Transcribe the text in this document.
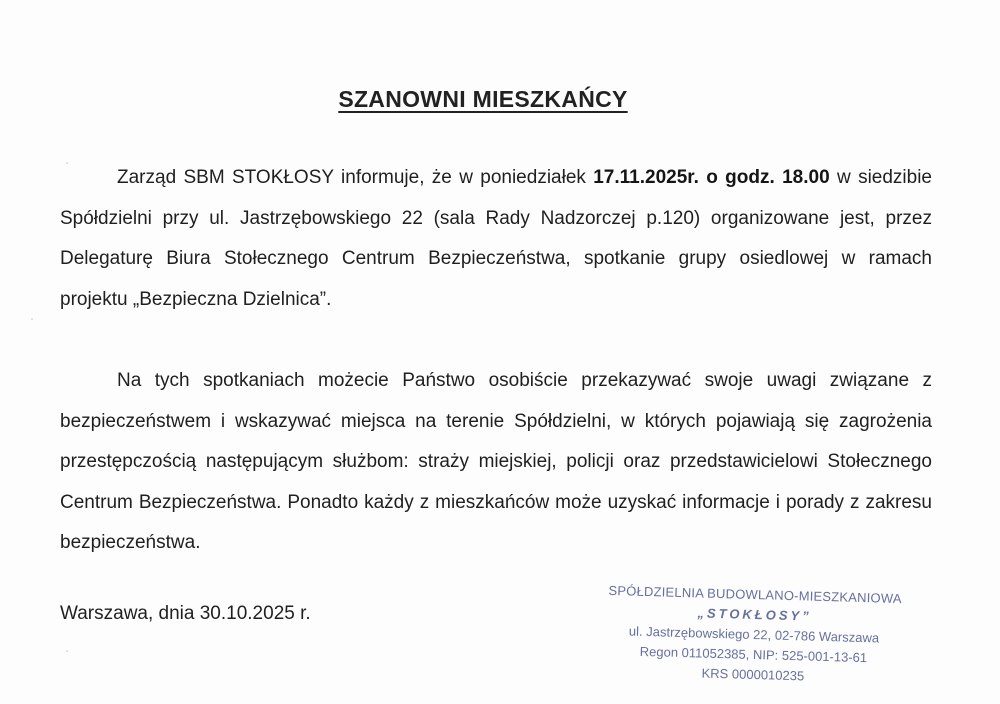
SZANOWNI MIESZKAŃCY

Zarząd SBM STOKŁOSY informuje, że w poniedziałek 17.11.2025r. o godz. 18.00 w siedzibie Spółdzielni przy ul. Jastrzębowskiego 22 (sala Rady Nadzorczej p.120) organizowane jest, przez Delegaturę Biura Stołecznego Centrum Bezpieczeństwa, spotkanie grupy osiedlowej w ramach projektu „Bezpieczna Dzielnica”.

Na tych spotkaniach możecie Państwo osobiście przekazywać swoje uwagi związane z bezpieczeństwem i wskazywać miejsca na terenie Spółdzielni, w których pojawiają się zagrożenia przestępczością następującym służbom: straży miejskiej, policji oraz przedstawicielowi Stołecznego Centrum Bezpieczeństwa. Ponadto każdy z mieszkańców może uzyskać informacje i porady z zakresu bezpieczeństwa.

Warszawa, dnia 30.10.2025 r.
SPÓŁDZIELNIA BUDOWLANO-MIESZKANIOWA
„STOKŁOSY”
ul. Jastrzębowskiego 22, 02-786 Warszawa
Regon 011052385, NIP: 525-001-13-61
KRS 0000010235
